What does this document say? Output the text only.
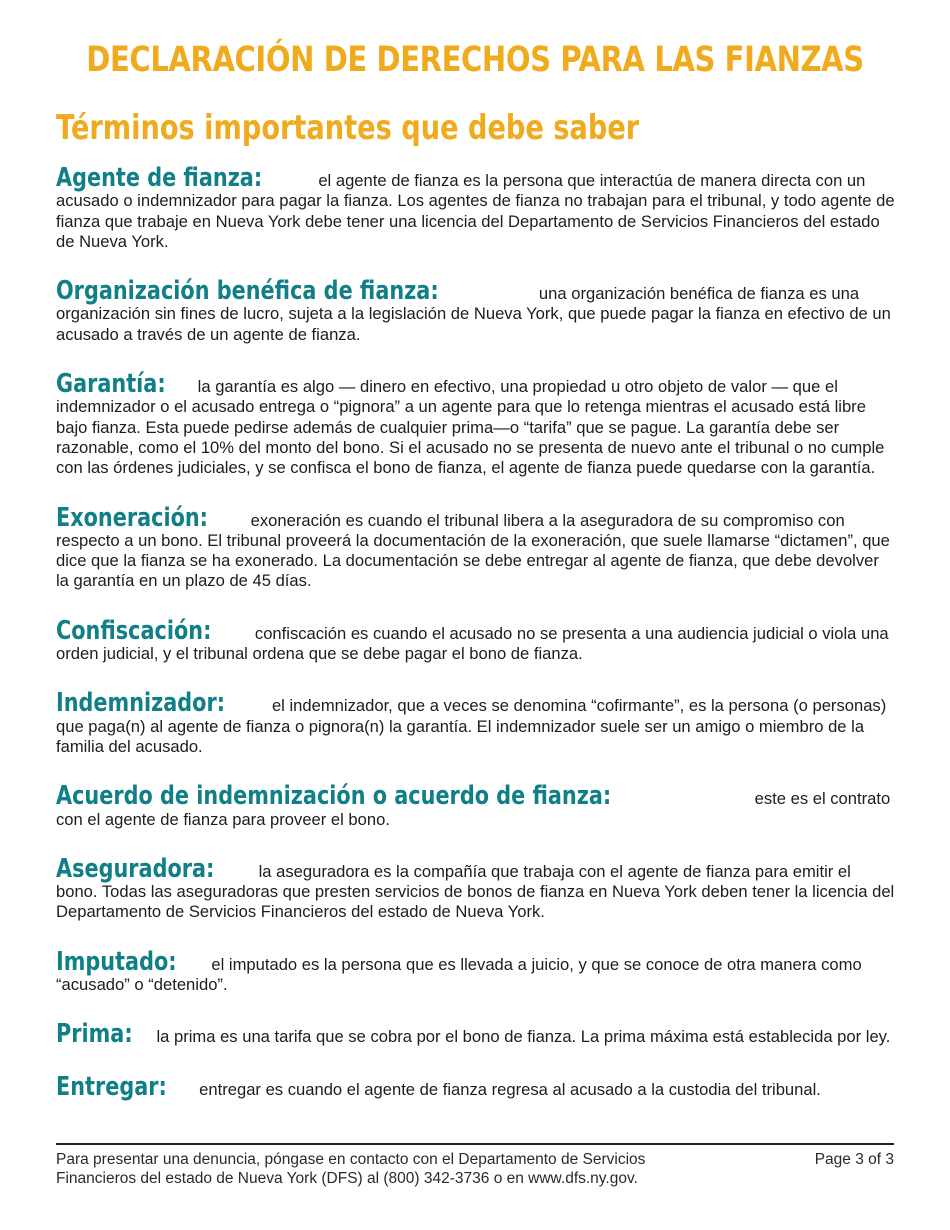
DECLARACIÓN DE DERECHOS PARA LAS FIANZAS
Términos importantes que debe saber

Agente de fianza:	el agente de fianza es la persona que interactúa de manera directa con un acusado o indemnizador para pagar la fianza. Los agentes de fianza no trabajan para el tribunal, y todo agente de fianza que trabaje en Nueva York debe tener una licencia del Departamento de Servicios Financieros del estado de Nueva York.

Organización benéfica de fianza:	una organización benéfica de fianza es una organización sin fines de lucro, sujeta a la legislación de Nueva York, que puede pagar la fianza en efectivo de un acusado a través de un agente de fianza.

Garantía: la garantía es algo — dinero en efectivo, una propiedad u otro objeto de valor — que el indemnizador o el acusado entrega o “pignora” a un agente para que lo retenga mientras el acusado está libre bajo fianza. Esta puede pedirse además de cualquier prima—o “tarifa” que se pague. La garantía debe ser razonable, como el 10% del monto del bono. Si el acusado no se presenta de nuevo ante el tribunal o no cumple con las órdenes judiciales, y se confisca el bono de fianza, el agente de fianza puede quedarse con la garantía.

Exoneración:	exoneración es cuando el tribunal libera a la aseguradora de su compromiso con respecto a un bono. El tribunal proveerá la documentación de la exoneración, que suele llamarse “dictamen”, que dice que la fianza se ha exonerado. La documentación se debe entregar al agente de fianza, que debe devolver la garantía en un plazo de 45 días.

Confiscación:	confiscación es cuando el acusado no se presenta a una audiencia judicial o viola una orden judicial, y el tribunal ordena que se debe pagar el bono de fianza.

Indemnizador:	el indemnizador, que a veces se denomina “cofirmante”, es la persona (o personas) que paga(n) al agente de fianza o pignora(n) la garantía. El indemnizador suele ser un amigo o miembro de la familia del acusado.

Acuerdo de indemnización o acuerdo de fianza:	este es el contrato con el agente de fianza para proveer el bono.

Aseguradora:	la aseguradora es la compañía que trabaja con el agente de fianza para emitir el bono. Todas las aseguradoras que presten servicios de bonos de fianza en Nueva York deben tener la licencia del Departamento de Servicios Financieros del estado de Nueva York.

Imputado: el imputado es la persona que es llevada a juicio, y que se conoce de otra manera como “acusado” o “detenido”.

Prima: la prima es una tarifa que se cobra por el bono de fianza. La prima máxima está establecida por ley.

Entregar: entregar es cuando el agente de fianza regresa al acusado a la custodia del tribunal.

Para presentar una denuncia, póngase en contacto con el Departamento de Servicios Financieros del estado de Nueva York (DFS) al (800) 342-3736 o en www.dfs.ny.gov.

Page 3 of 3
